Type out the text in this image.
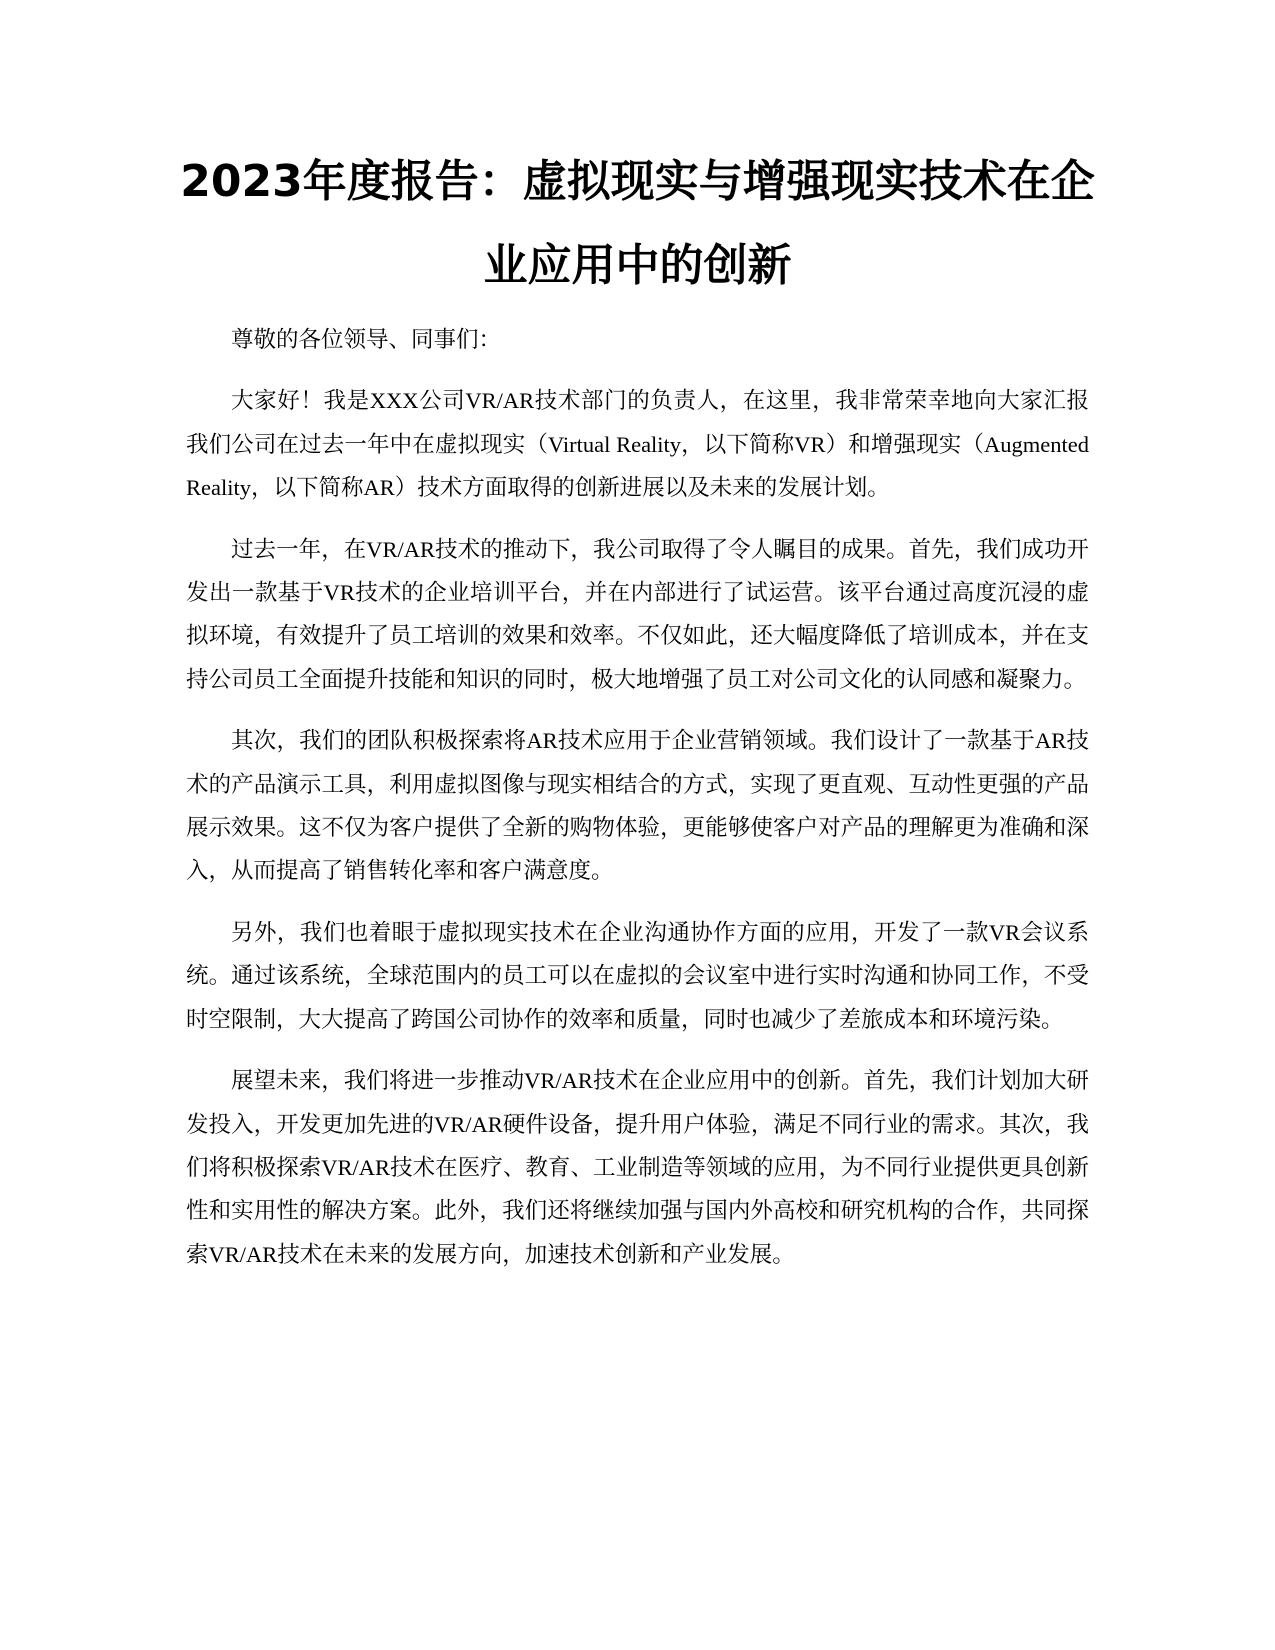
2023年度报告：虚拟现实与增强现实技术在企业应用中的创新

尊敬的各位领导、同事们：

大家好！我是XXX公司VR/AR技术部门的负责人，在这里，我非常荣幸地向大家汇报我们公司在过去一年中在虚拟现实（Virtual Reality，以下简称VR）和增强现实（Augmented Reality，以下简称AR）技术方面取得的创新进展以及未来的发展计划。

过去一年，在VR/AR技术的推动下，我公司取得了令人瞩目的成果。首先，我们成功开发出一款基于VR技术的企业培训平台，并在内部进行了试运营。该平台通过高度沉浸的虚拟环境，有效提升了员工培训的效果和效率。不仅如此，还大幅度降低了培训成本，并在支持公司员工全面提升技能和知识的同时，极大地增强了员工对公司文化的认同感和凝聚力。

其次，我们的团队积极探索将AR技术应用于企业营销领域。我们设计了一款基于AR技术的产品演示工具，利用虚拟图像与现实相结合的方式，实现了更直观、互动性更强的产品展示效果。这不仅为客户提供了全新的购物体验，更能够使客户对产品的理解更为准确和深入，从而提高了销售转化率和客户满意度。

另外，我们也着眼于虚拟现实技术在企业沟通协作方面的应用，开发了一款VR会议系统。通过该系统，全球范围内的员工可以在虚拟的会议室中进行实时沟通和协同工作，不受时空限制，大大提高了跨国公司协作的效率和质量，同时也减少了差旅成本和环境污染。

展望未来，我们将进一步推动VR/AR技术在企业应用中的创新。首先，我们计划加大研发投入，开发更加先进的VR/AR硬件设备，提升用户体验，满足不同行业的需求。其次，我们将积极探索VR/AR技术在医疗、教育、工业制造等领域的应用，为不同行业提供更具创新性和实用性的解决方案。此外，我们还将继续加强与国内外高校和研究机构的合作，共同探索VR/AR技术在未来的发展方向，加速技术创新和产业发展。
